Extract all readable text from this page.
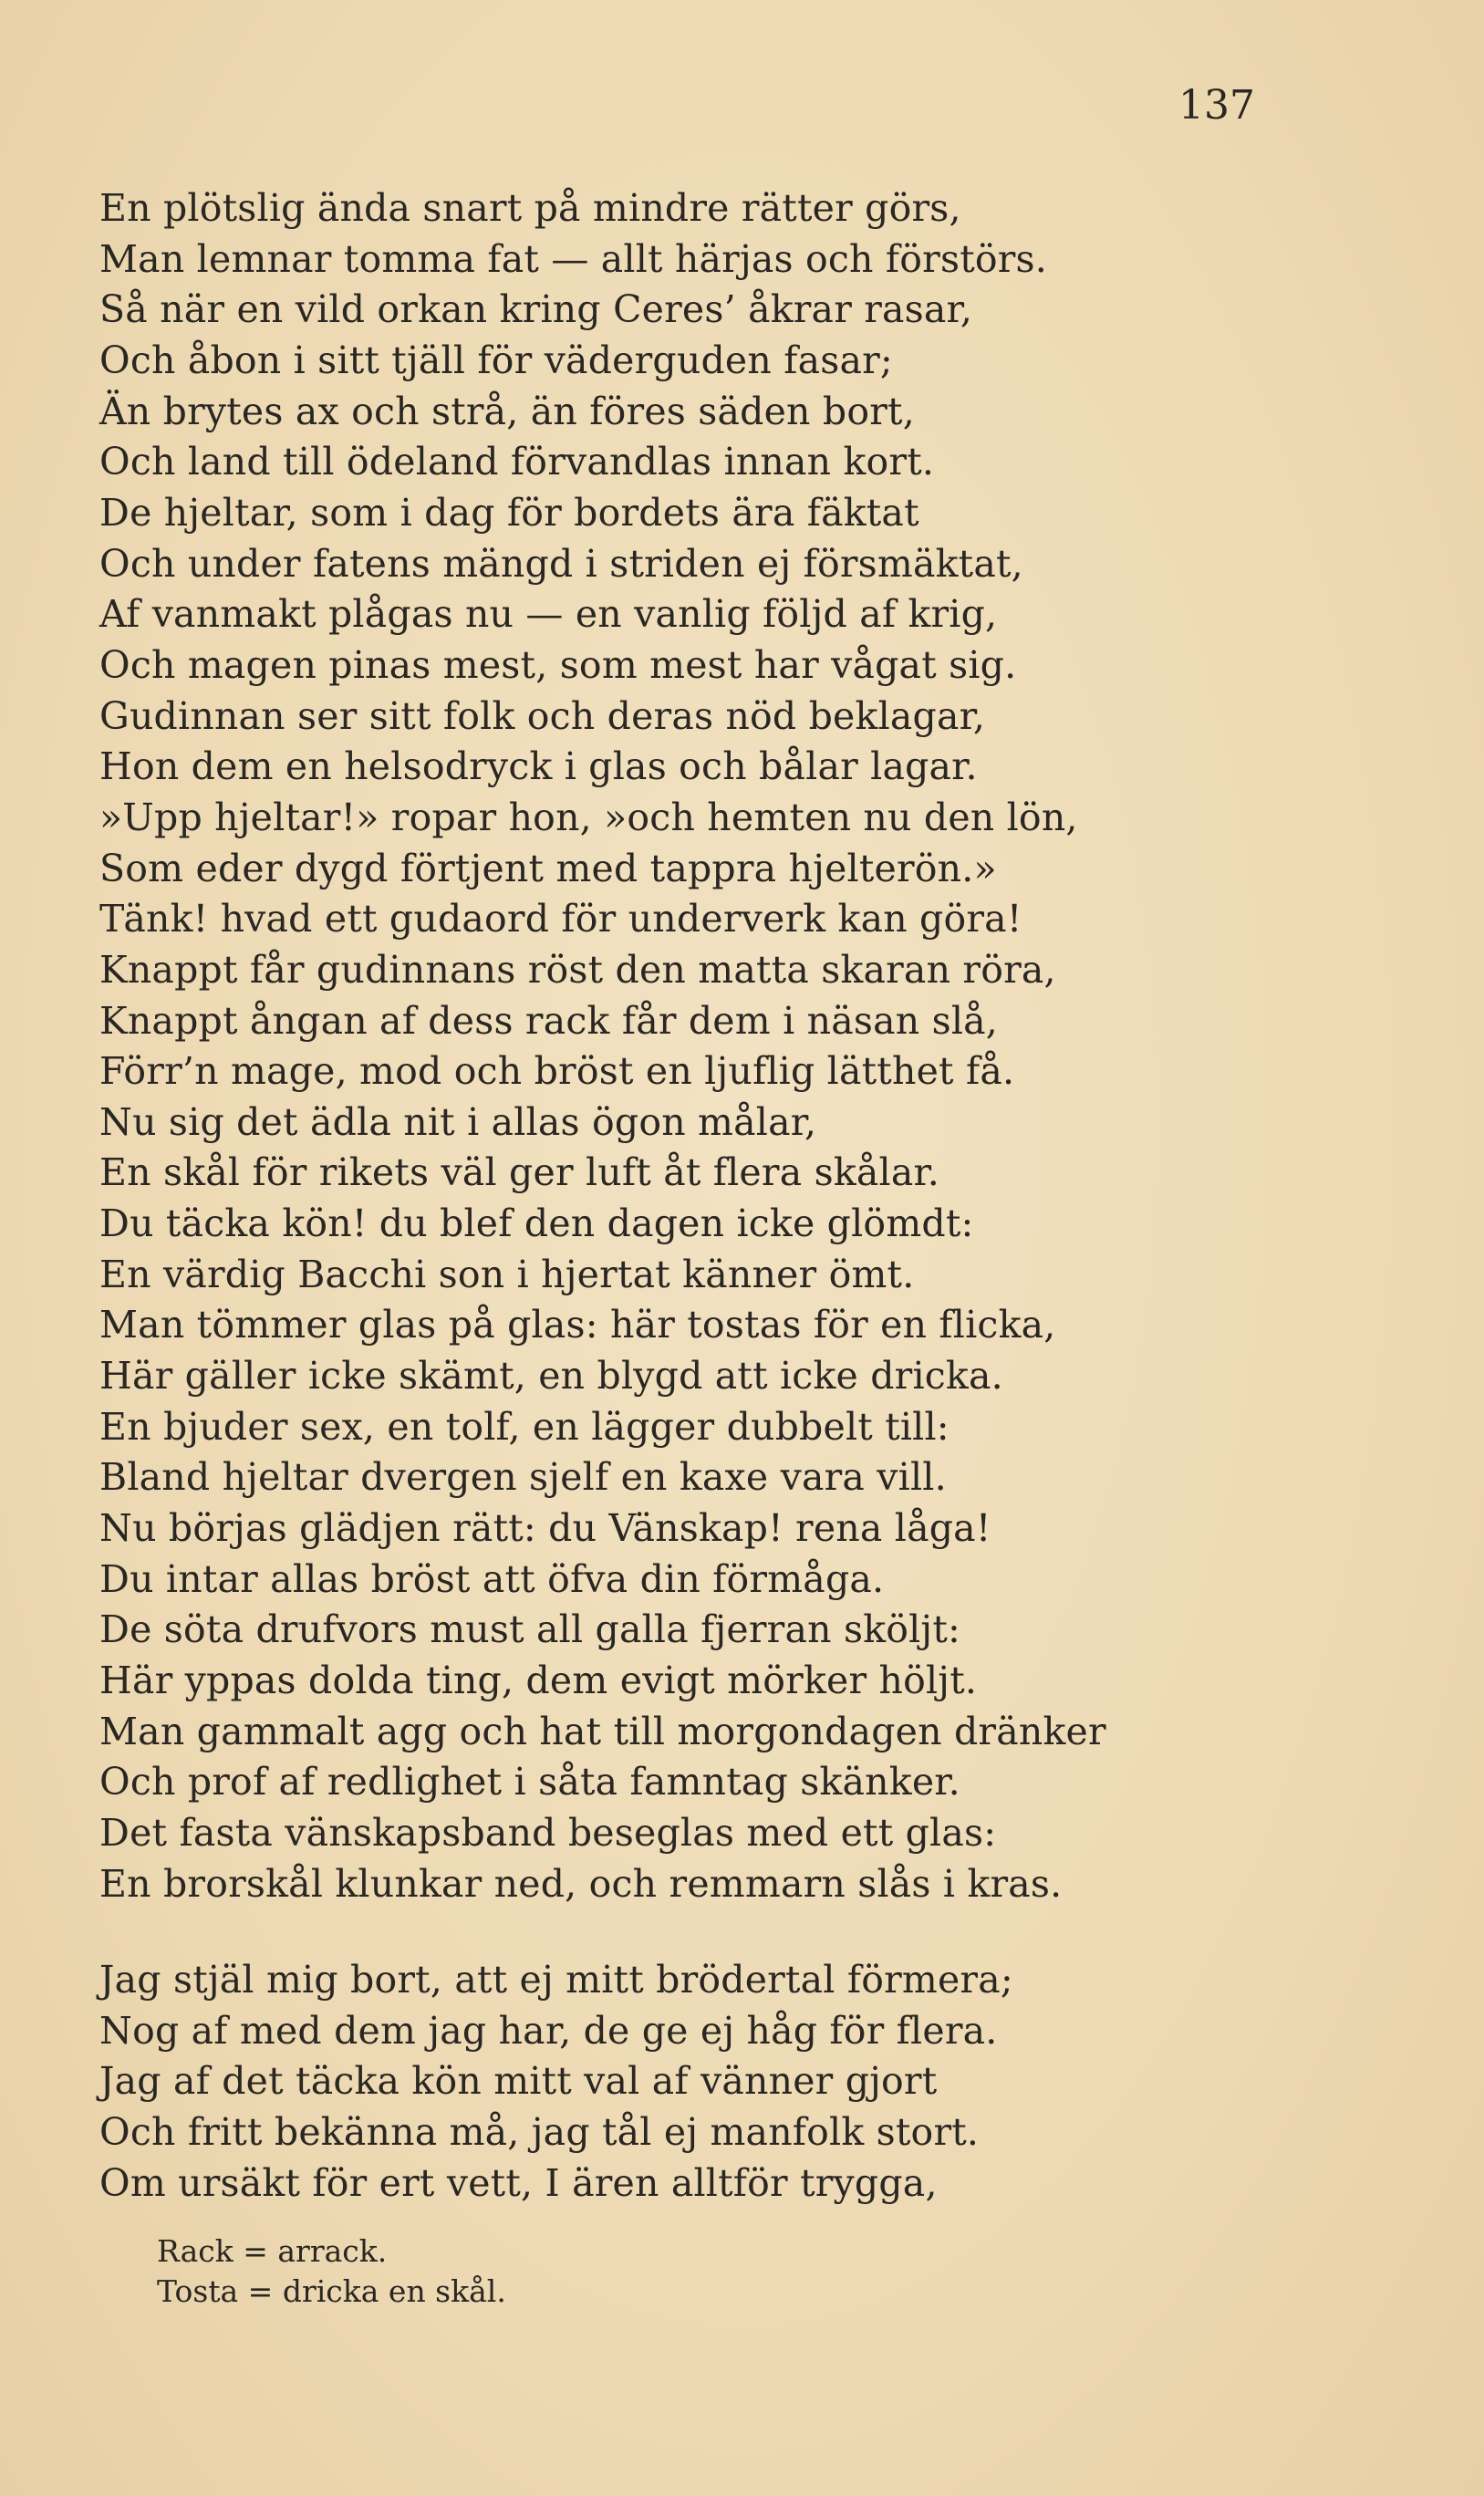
137
En plötslig ända snart på mindre rätter görs,
Man lemnar tomma fat — allt härjas och förstörs.
Så när en vild orkan kring Ceres’ åkrar rasar,
Och åbon i sitt tjäll för väderguden fasar;
Än brytes ax och strå, än föres säden bort,
Och land till ödeland förvandlas innan kort.
De hjeltar, som i dag för bordets ära fäktat
Och under fatens mängd i striden ej försmäktat,
Af vanmakt plågas nu — en vanlig följd af krig,
Och magen pinas mest, som mest har vågat sig.
Gudinnan ser sitt folk och deras nöd beklagar,
Hon dem en helsodryck i glas och bålar lagar.
»Upp hjeltar!» ropar hon, »och hemten nu den lön,
Som eder dygd förtjent med tappra hjelterön.»
Tänk! hvad ett gudaord för underverk kan göra!
Knappt får gudinnans röst den matta skaran röra,
Knappt ångan af dess rack får dem i näsan slå,
Förr’n mage, mod och bröst en ljuflig lätthet få.
Nu sig det ädla nit i allas ögon målar,
En skål för rikets väl ger luft åt flera skålar.
Du täcka kön! du blef den dagen icke glömdt:
En värdig Bacchi son i hjertat känner ömt.
Man tömmer glas på glas: här tostas för en flicka,
Här gäller icke skämt, en blygd att icke dricka.
En bjuder sex, en tolf, en lägger dubbelt till:
Bland hjeltar dvergen sjelf en kaxe vara vill.
Nu börjas glädjen rätt: du Vänskap! rena låga!
Du intar allas bröst att öfva din förmåga.
De söta drufvors must all galla fjerran sköljt:
Här yppas dolda ting, dem evigt mörker höljt.
Man gammalt agg och hat till morgondagen dränker
Och prof af redlighet i såta famntag skänker.
Det fasta vänskapsband beseglas med ett glas:
En brorskål klunkar ned, och remmarn slås i kras.
Jag stjäl mig bort, att ej mitt brödertal förmera;
Nog af med dem jag har, de ge ej håg för flera.
Jag af det täcka kön mitt val af vänner gjort
Och fritt bekänna må, jag tål ej manfolk stort.
Om ursäkt för ert vett, I ären alltför trygga,
Rack = arrack.
Tosta = dricka en skål.
